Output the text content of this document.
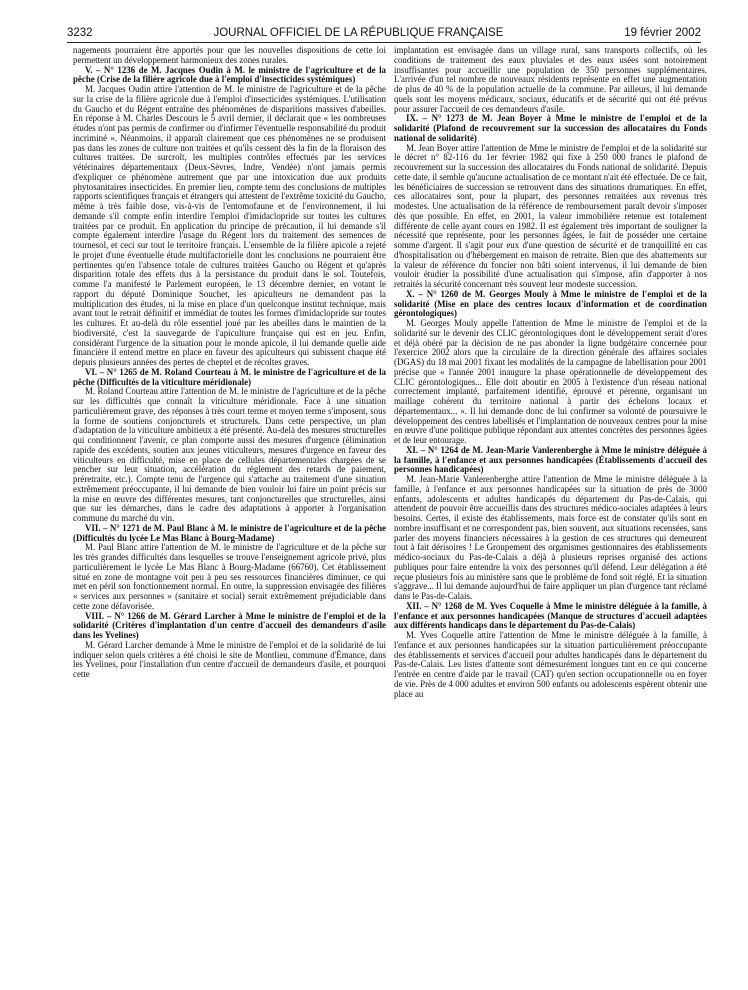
3232	JOURNAL OFFICIEL DE LA RÉPUBLIQUE FRANÇAISE	19 février 2002

nagements pourraient être apportés pour que les nouvelles dispositions de cette loi permettent un développement harmonieux des zones rurales.

V. – N° 1236 de M. Jacques Oudin à M. le ministre de l'agriculture et de la pêche (Crise de la filière agricole due à l'emploi d'insecticides systémiques)

M. Jacques Oudin attire l'attention de M. le ministre de l'agriculture et de la pêche sur la crise de la filière agricole due à l'emploi d'insecticides systémiques. L'utilisation du Gaucho et du Régent entraîne des phénomènes de disparitions massives d'abeilles. En réponse à M. Charles Descours le 5 avril dernier, il déclarait que « les nombreuses études n'ont pas permis de confirmer ou d'infirmer l'éventuelle responsabilité du produit incriminé ». Néanmoins, il apparaît clairement que ces phénomènes ne se produisent pas dans les zones de culture non traitées et qu'ils cessent dès la fin de la floraison des cultures traitées. De surcroît, les multiples contrôles effectués par les services vétérinaires départementaux (Deux-Sèvres, Indre, Vendée) n'ont jamais permis d'expliquer ce phénomène autrement que par une intoxication due aux produits phytosanitaires insecticides. En premier lieu, compte tenu des conclusions de multiples rapports scientifiques français et étrangers qui attestent de l'extrême toxicité du Gaucho, même à très faible dose, vis-à-vis de l'entomofaune et de l'environnement, il lui demande s'il compte enfin interdire l'emploi d'imidaclopride sur toutes les cultures traitées par ce produit. En application du principe de précaution, il lui demande s'il compte également interdire l'usage du Régent lors du traitement des semences de tournesol, et ceci sur tout le territoire français. L'ensemble de la filière apicole a rejeté le projet d'une éventuelle étude multifactorielle dont les conclusions ne pourraient être pertinentes qu'en l'absence totale de cultures traitées Gaucho ou Régent et qu'après disparition totale des effets dus à la persistance du produit dans le sol. Toutefois, comme l'a manifesté le Parlement européen, le 13 décembre dernier, en votant le rapport du député Dominique Souchet, les apiculteurs ne demandent pas la multiplication des études, ni la mise en place d'un quelconque institut technique, mais avant tout le retrait définitif et immédiat de toutes les formes d'imidaclopride sur toutes les cultures. Et au-delà du rôle essentiel joué par les abeilles dans le maintien de la biodiversité, c'est la sauvegarde de l'apiculture française qui est en jeu. Enfin, considérant l'urgence de la situation pour le monde apicole, il lui demande quelle aide financière il entend mettre en place en faveur des apiculteurs qui subissent chaque été depuis plusieurs années des pertes de cheptel et de récoltes graves.

VI. – N° 1265 de M. Roland Courteau à M. le ministre de l'agriculture et de la pêche (Difficultés de la viticulture méridionale)

M. Roland Courteau attire l'attention de M. le ministre de l'agriculture et de la pêche sur les difficultés que connaît la viticulture méridionale. Face à une situation particulièrement grave, des réponses à très court terme et moyen terme s'imposent, sous la forme de soutiens conjoncturels et structurels. Dans cette perspective, un plan d'adaptation de la viticulture ambitieux a été présenté. Au-delà des mesures structurelles qui conditionnent l'avenir, ce plan comporte aussi des mesures d'urgence (élimination rapide des excédents, soutien aux jeunes viticulteurs, mesures d'urgence en faveur des viticulteurs en difficulté, mise en place de cellules départementales chargées de se pencher sur leur situation, accélération du règlement des retards de paiement, préretraite, etc.). Compte tenu de l'urgence qui s'attache au traitement d'une situation extrêmement préoccupante, il lui demande de bien vouloir lui faire un point précis sur la mise en œuvre des différentes mesures, tant conjoncturelles que structurelles, ainsi que sur les démarches, dans le cadre des adaptations à apporter à l'organisation commune du marché du vin.

VII. – N° 1271 de M. Paul Blanc à M. le ministre de l'agriculture et de la pêche (Difficultés du lycée Le Mas Blanc à Bourg-Madame)

M. Paul Blanc attire l'attention de M. le ministre de l'agriculture et de la pêche sur les très grandes difficultés dans lesquelles se trouve l'enseignement agricole privé, plus particulièrement le lycée Le Mas Blanc à Bourg-Madame (66760). Cet établissement situé en zone de montagne voit peu à peu ses ressources financières diminuer, ce qui met en péril son fonctionnement normal. En outre, la suppression envisagée des filières « services aux personnes » (sanitaire et social) serait extrêmement préjudiciable dans cette zone défavorisée.

VIII. – N° 1266 de M. Gérard Larcher à Mme le ministre de l'emploi et de la solidarité (Critères d'implantation d'un centre d'accueil des demandeurs d'asile dans les Yvelines)

M. Gérard Larcher demande à Mme le ministre de l'emploi et de la solidarité de lui indiquer selon quels critères a été choisi le site de Montlieu, commune d'Émance, dans les Yvelines, pour l'installation d'un centre d'accueil de demandeurs d'asile, et pourquoi cette

implantation est envisagée dans un village rural, sans transports collectifs, où les conditions de traitement des eaux pluviales et des eaux usées sont notoirement insuffisantes pour accueillir une population de 350 personnes supplémentaires. L'arrivée d'un tel nombre de nouveaux résidents représente en effet une augmentation de plus de 40 % de la population actuelle de la commune. Par ailleurs, il lui demande quels sont les moyens médicaux, sociaux, éducatifs et de sécurité qui ont été prévus pour assurer l'accueil de ces demandeurs d'asile.

IX. – N° 1273 de M. Jean Boyer à Mme le ministre de l'emploi et de la solidarité (Plafond de recouvrement sur la succession des allocataires du Fonds national de solidarité)

M. Jean Boyer attire l'attention de Mme le ministre de l'emploi et de la solidarité sur le décret n° 82-116 du 1er février 1982 qui fixe à 250 000 francs le plafond de recouvrement sur la succession des allocataires du Fonds national de solidarité. Depuis cette date, il semble qu'aucune actualisation de ce montant n'ait été effectuée. De ce fait, les bénéficiaires de succession se retrouvent dans des situations dramatiques. En effet, ces allocataires sont, pour la plupart, des personnes retraitées aux revenus très modestes. Une actualisation de la référence de remboursement paraît devoir s'imposer dès que possible. En effet, en 2001, la valeur immobilière retenue est totalement différente de celle ayant cours en 1982. Il est également très important de souligner la nécessité que représente, pour les personnes âgées, le fait de posséder une certaine somme d'argent. Il s'agit pour eux d'une question de sécurité et de tranquillité en cas d'hospitalisation ou d'hébergement en maison de retraite. Bien que des abattements sur la valeur de référence du foncier non bâti soient intervenus, il lui demande de bien vouloir étudier la possibilité d'une actualisation qui s'impose, afin d'apporter à nos retraités la sécurité concernant très souvent leur modeste succession.

X. – N° 1260 de M. Georges Mouly à Mme le ministre de l'emploi et de la solidarité (Mise en place des centres locaux d'information et de coordination gérontologiques)

M. Georges Mouly appelle l'attention de Mme le ministre de l'emploi et de la solidarité sur le devenir des CLIC gérontologiques dont le développement serait d'ores et déjà obéré par la décision de ne pas abonder la ligne budgétaire concernée pour l'exercice 2002 alors que la circulaire de la direction générale des affaires sociales (DGAS) du 18 mai 2001 fixant les modalités de la campagne de labellisation pour 2001 précise que « l'année 2001 inaugure la phase opérationnelle de développement des CLIC gérontologiques... Elle doit aboutir en 2005 à l'existence d'un réseau national correctement implanté, parfaitement identifié, éprouvé et pérenne, organisant un maillage cohérent du territoire national à partir des échelons locaux et départementaux... ». Il lui demande donc de lui confirmer sa volonté de poursuivre le développement des centres labellisés et l'implantation de nouveaux centres pour la mise en œuvre d'une politique publique répondant aux attentes concrètes des personnes âgées et de leur entourage.

XI. – N° 1264 de M. Jean-Marie Vanlerenberghe à Mme le ministre déléguée à la famille, à l'enfance et aux personnes handicapées (Établissements d'accueil des personnes handicapées)

M. Jean-Marie Vanlerenberghe attire l'attention de Mme le ministre déléguée à la famille, à l'enfance et aux personnes handicapées sur la situation de près de 3000 enfants, adolescents et adultes handicapés du département du Pas-de-Calais, qui attendent de pouvoir être accueillis dans des structures médico-sociales adaptées à leurs besoins. Certes, il existe des établissements, mais force est de constater qu'ils sont en nombre insuffisant et ne correspondent pas, bien souvent, aux situations recensées, sans parler des moyens financiers nécessaires à la gestion de ces structures qui demeurent tout à fait dérisoires ! Le Groupement des organismes gestionnaires des établissements médico-sociaux du Pas-de-Calais a déjà à plusieurs reprises organisé des actions publiques pour faire entendre la voix des personnes qu'il défend. Leur délégation a été reçue plusieurs fois au ministère sans que le problème de fond soit réglé. Et la situation s'aggrave... Il lui demande aujourd'hui de faire appliquer un plan d'urgence tant réclamé dans le Pas-de-Calais.

XII. – N° 1268 de M. Yves Coquelle à Mme le ministre déléguée à la famille, à l'enfance et aux personnes handicapées (Manque de structures d'accueil adaptées aux différents handicaps dans le département du Pas-de-Calais)

M. Yves Coquelle attire l'attention de Mme le ministre déléguée à la famille, à l'enfance et aux personnes handicapées sur la situation particulièrement préoccupante des établissements et services d'accueil pour adultes handicapés dans le département du Pas-de-Calais. Les listes d'attente sont démesurément longues tant en ce qui concerne l'entrée en centre d'aide par le travail (CAT) qu'en section occupationnelle ou en foyer de vie. Près de 4 000 adultes et environ 500 enfants ou adolescents espèrent obtenir une place au
